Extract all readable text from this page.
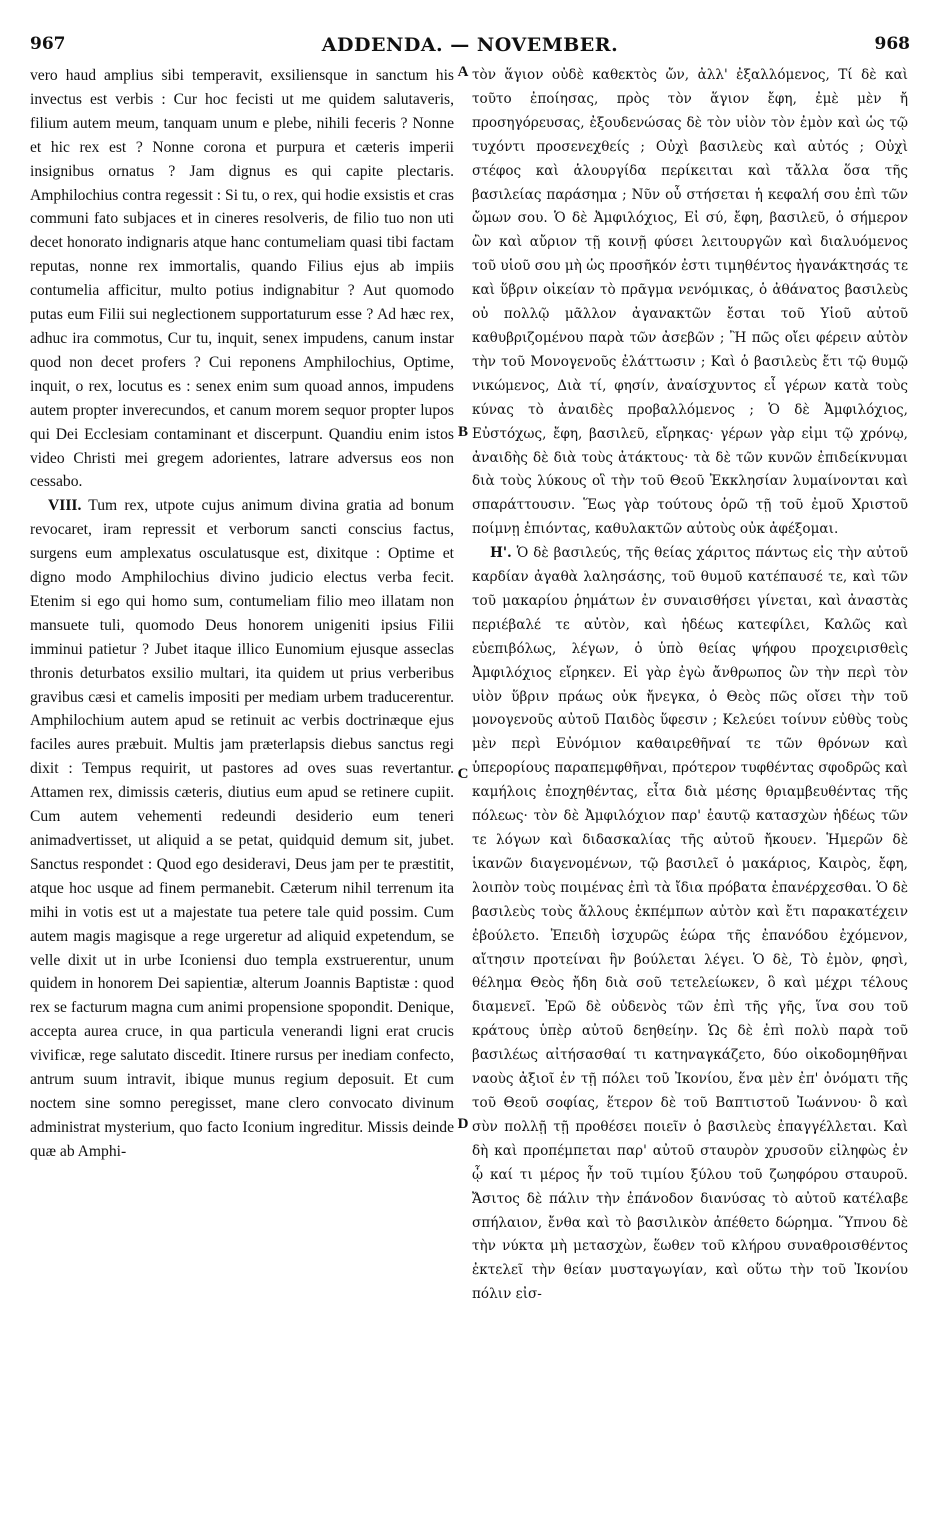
967	ADDENDA. — NOVEMBER.	968

vero haud amplius sibi temperavit, exsiliensque in sanctum his invectus est verbis : Cur hoc fecisti ut me quidem salutaveris, filium autem meum, tanquam unum e plebe, nihili feceris ? Nonne et hic rex est ? Nonne corona et purpura et cæteris imperii insignibus ornatus ? Jam dignus es qui capite plectaris. Amphilochius contra regessit : Si tu, o rex, qui hodie exsistis et cras communi fato subjaces et in cineres resolveris, de filio tuo non uti decet honorato indignaris atque hanc contumeliam quasi tibi factam reputas, nonne rex immortalis, quando Filius ejus ab impiis contumelia afficitur, multo potius indignabitur ? Aut quomodo putas eum Filii sui neglectionem supportaturum esse ? Ad hæc rex, adhuc ira commotus, Cur tu, inquit, senex impudens, canum instar quod non decet profers ? Cui reponens Amphilochius, Optime, inquit, o rex, locutus es : senex enim sum quoad annos, impudens autem propter inverecundos, et canum morem sequor propter lupos qui Dei Ecclesiam contaminant et discerpunt. Quandiu enim istos video Christi mei gregem adorientes, latrare adversus eos non cessabo.

VIII. Tum rex, utpote cujus animum divina gratia ad bonum revocaret, iram repressit et verborum sancti conscius factus, surgens eum amplexatus osculatusque est, dixitque : Optime et digno modo Amphilochius divino judicio electus verba fecit. Etenim si ego qui homo sum, contumeliam filio meo illatam non mansuete tuli, quomodo Deus honorem unigeniti ipsius Filii imminui patietur ? Jubet itaque illico Eunomium ejusque asseclas thronis deturbatos exsilio multari, ita quidem ut prius verberibus gravibus cæsi et camelis impositi per mediam urbem traducerentur. Amphilochium autem apud se retinuit ac verbis doctrinæque ejus faciles aures præbuit. Multis jam præterlapsis diebus sanctus regi dixit : Tempus requirit, ut pastores ad oves suas revertantur. Attamen rex, dimissis cæteris, diutius eum apud se retinere cupiit. Cum autem vehementi redeundi desiderio eum teneri animadvertisset, ut aliquid a se petat, quidquid demum sit, jubet. Sanctus respondet : Quod ego desideravi, Deus jam per te præstitit, atque hoc usque ad finem permanebit. Cæterum nihil terrenum ita mihi in votis est ut a majestate tua petere tale quid possim. Cum autem magis magisque a rege urgeretur ad aliquid expetendum, se velle dixit ut in urbe Iconiensi duo templa exstruerentur, unum quidem in honorem Dei sapientiæ, alterum Joannis Baptistæ : quod rex se facturum magna cum animi propensione spopondit. Denique, accepta aurea cruce, in qua particula venerandi ligni erat crucis vivificæ, rege salutato discedit. Itinere rursus per inediam confecto, antrum suum intravit, ibique munus regium deposuit. Et cum noctem sine somno peregisset, mane clero convocato divinum administrat mysterium, quo facto Iconium ingreditur. Missis deinde quæ ab Amphi-

A
B
C
D

τὸν ἅγιον οὐδὲ καθεκτὸς ὤν, ἀλλ' ἐξαλλόμενος, Τί δὲ καὶ τοῦτο ἐποίησας, πρὸς τὸν ἅγιον ἔφη, ἐμὲ μὲν ἤ προσηγόρευσας, ἐξουδενώσας δὲ τὸν υἱὸν τὸν ἐμὸν καὶ ὡς τῷ τυχόντι προσενεχθείς ; Οὐχὶ βασιλεὺς καὶ αὐτός ; Οὐχὶ στέφος καὶ ἁλουργίδα περίκειται καὶ τἄλλα ὅσα τῆς βασιλείας παράσημα ; Νῦν οὖ στήσεται ἡ κεφαλή σου ἐπὶ τῶν ὤμων σου. Ὁ δὲ Ἀμφιλόχιος, Εἰ σύ, ἔφη, βασιλεῦ, ὁ σήμερον ὢν καὶ αὔριον τῇ κοινῇ φύσει λειτουργῶν καὶ διαλυόμενος τοῦ υἱοῦ σου μὴ ὡς προσῆκόν ἐστι τιμηθέντος ἠγανάκτησάς τε καὶ ὕβριν οἰκείαν τὸ πρᾶγμα νενόμικας, ὁ ἀθάνατος βασιλεὺς οὐ πολλῷ μᾶλλον ἀγανακτῶν ἔσται τοῦ Υἱοῦ αὐτοῦ καθυβριζομένου παρὰ τῶν ἀσεβῶν ; Ἢ πῶς οἴει φέρειν αὐτὸν τὴν τοῦ Μονογενοῦς ἐλάττωσιν ; Καὶ ὁ βασιλεὺς ἔτι τῷ θυμῷ νικώμενος, Διὰ τί, φησίν, ἀναίσχυντος εἶ γέρων κατὰ τοὺς κύνας τὸ ἀναιδὲς προβαλλόμενος ; Ὁ δὲ Ἀμφιλόχιος, Εὐστόχως, ἔφη, βασιλεῦ, εἴρηκας· γέρων γὰρ εἰμι τῷ χρόνῳ, ἀναιδὴς δὲ διὰ τοὺς ἀτάκτους· τὰ δὲ τῶν κυνῶν ἐπιδείκνυμαι διὰ τοὺς λύκους οἳ τὴν τοῦ Θεοῦ Ἐκκλησίαν λυμαίνονται καὶ σπαράττουσιν. Ἕως γὰρ τούτους ὁρῶ τῇ τοῦ ἐμοῦ Χριστοῦ ποίμνῃ ἐπιόντας, καθυλακτῶν αὐτοὺς οὐκ ἀφέξομαι.

Η'. Ὁ δὲ βασιλεύς, τῆς θείας χάριτος πάντως εἰς τὴν αὐτοῦ καρδίαν ἀγαθὰ λαλησάσης, τοῦ θυμοῦ κατέπαυσέ τε, καὶ τῶν τοῦ μακαρίου ῥημάτων ἐν συναισθήσει γίνεται, καὶ ἀναστὰς περιέβαλέ τε αὐτὸν, καὶ ἡδέως κατεφίλει, Καλῶς καὶ εὐεπιβόλως, λέγων, ὁ ὑπὸ θείας ψήφου προχειρισθεὶς Ἀμφιλόχιος εἴρηκεν. Εἰ γὰρ ἐγὼ ἄνθρωπος ὢν τὴν περὶ τὸν υἱὸν ὕβριν πράως οὐκ ἤνεγκα, ὁ Θεὸς πῶς οἴσει τὴν τοῦ μονογενοῦς αὐτοῦ Παιδὸς ὕφεσιν ; Κελεύει τοίνυν εὐθὺς τοὺς μὲν περὶ Εὐνόμιον καθαιρεθῆναί τε τῶν θρόνων καὶ ὑπερορίους παραπεμφθῆναι, πρότερον τυφθέντας σφοδρῶς καὶ καμήλοις ἐποχηθέντας, εἶτα διὰ μέσης θριαμβευθέντας τῆς πόλεως· τὸν δὲ Ἀμφιλόχιον παρ' ἑαυτῷ κατασχὼν ἡδέως τῶν τε λόγων καὶ διδασκαλίας τῆς αὐτοῦ ἤκουεν. Ἡμερῶν δὲ ἱκανῶν διαγενομένων, τῷ βασιλεῖ ὁ μακάριος, Καιρὸς, ἔφη, λοιπὸν τοὺς ποιμένας ἐπὶ τὰ ἴδια πρόβατα ἐπανέρχεσθαι. Ὁ δὲ βασιλεὺς τοὺς ἄλλους ἐκπέμπων αὐτὸν καὶ ἔτι παρακατέχειν ἐβούλετο. Ἐπειδὴ ἰσχυρῶς ἑώρα τῆς ἐπανόδου ἐχόμενον, αἴτησιν προτείναι ἣν βούλεται λέγει. Ὁ δὲ, Τὸ ἐμὸν, φησὶ, θέλημα Θεὸς ἤδη διὰ σοῦ τετελείωκεν, ὃ καὶ μέχρι τέλους διαμενεῖ. Ἐρῶ δὲ οὐδενὸς τῶν ἐπὶ τῆς γῆς, ἵνα σου τοῦ κράτους ὑπὲρ αὐτοῦ δεηθείην. Ὡς δὲ ἐπὶ πολὺ παρὰ τοῦ βασιλέως αἰτήσασθαί τι κατηναγκάζετο, δύο οἰκοδομηθῆναι ναοὺς ἀξιοῖ ἐν τῇ πόλει τοῦ Ἰκονίου, ἕνα μὲν ἐπ' ὀνόματι τῆς τοῦ Θεοῦ σοφίας, ἕτερον δὲ τοῦ Βαπτιστοῦ Ἰωάννου· ὃ καὶ σὺν πολλῇ τῇ προθέσει ποιεῖν ὁ βασιλεὺς ἐπαγγέλλεται. Καὶ δὴ καὶ προπέμπεται παρ' αὐτοῦ σταυρὸν χρυσοῦν εἰληφὼς ἐν ᾧ καί τι μέρος ἦν τοῦ τιμίου ξύλου τοῦ ζωηφόρου σταυροῦ. Ἄσιτος δὲ πάλιν τὴν ἐπάνοδον διανύσας τὸ αὐτοῦ κατέλαβε σπήλαιον, ἔνθα καὶ τὸ βασιλικὸν ἀπέθετο δώρημα. Ὕπνου δὲ τὴν νύκτα μὴ μετασχὼν, ἕωθεν τοῦ κλήρου συναθροισθέντος ἐκτελεῖ τὴν θείαν μυσταγωγίαν, καὶ οὕτω τὴν τοῦ Ἰκονίου πόλιν εἰσ-
